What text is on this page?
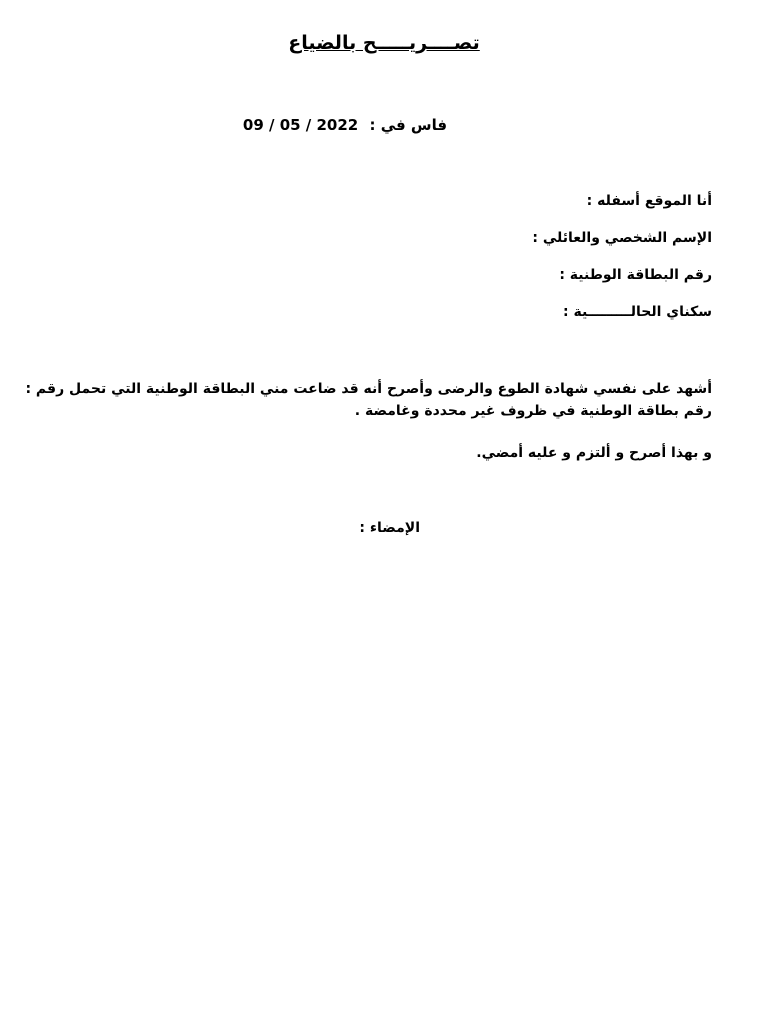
تصــــريـــــح بالضياع
فاس في : 09 / 05 / 2022
أنا الموقع أسفله :
الإسم الشخصي والعائلي :
رقم البطاقة الوطنية :
سكناي الحالـــــــــية :
أشهد على نفسي شهادة الطوع والرضى وأصرح أنه قد ضاعت مني البطاقة الوطنية التي تحمل رقم :
رقم بطاقة الوطنية في ظروف غير محددة وغامضة .
و بهذا أصرح و ألتزم و عليه أمضي.
الإمضاء :
